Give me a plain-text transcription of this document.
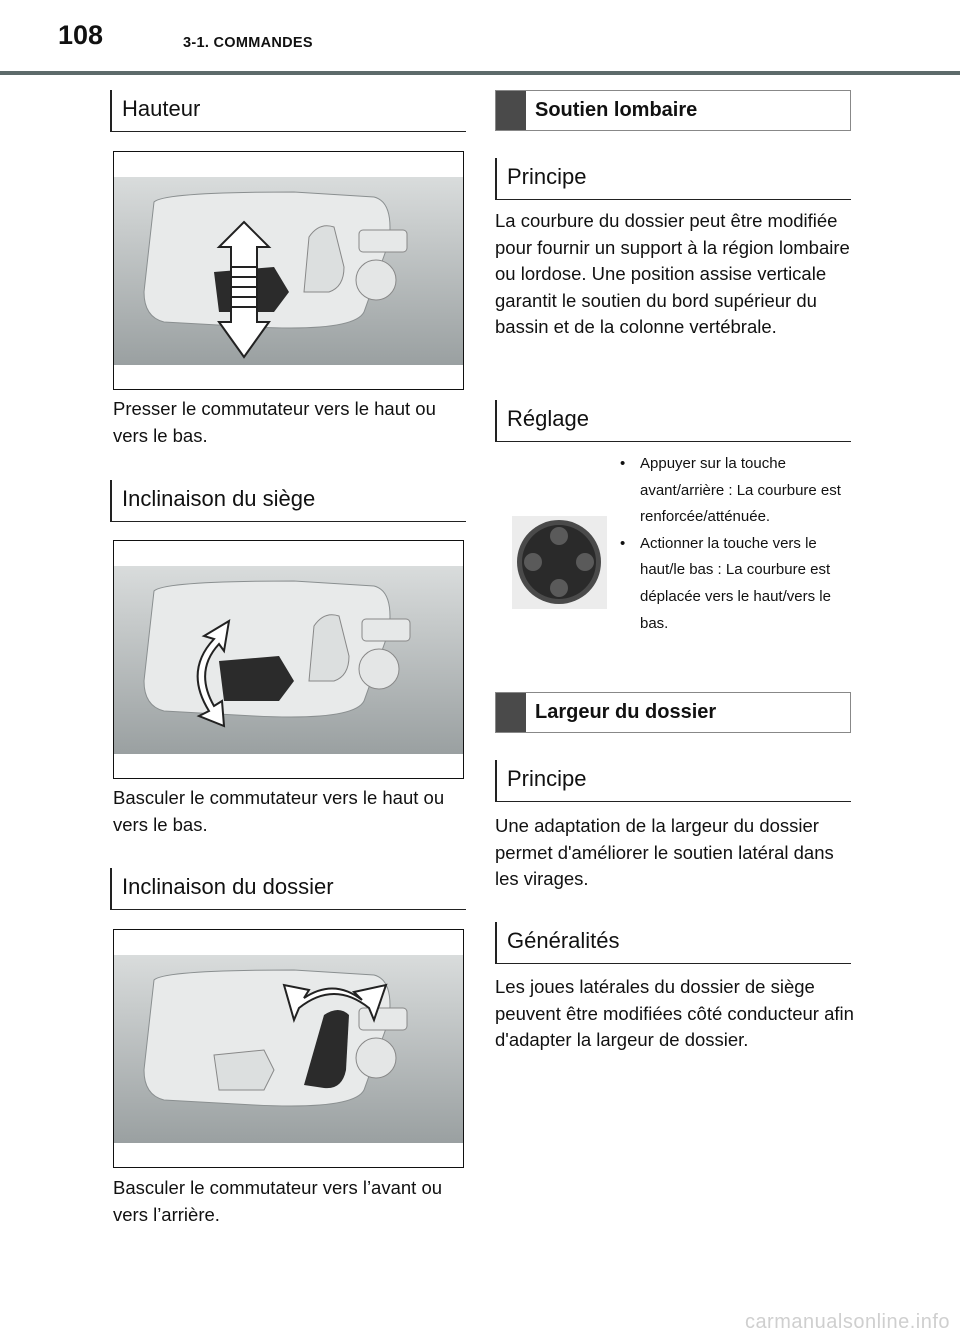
108	3-1. COMMANDES
Hauteur
Presser le commutateur vers le haut ou vers le bas.
Inclinaison du siège
Basculer le commutateur vers le haut ou vers le bas.
Inclinaison du dossier
Basculer le commutateur vers l’avant ou vers l’arrière.
Soutien lombaire
Principe
La courbure du dossier peut être modifiée pour fournir un support à la région lombaire ou lordose. Une position assise verticale garantit le soutien du bord supérieur du bassin et de la colonne vertébrale.
Réglage
• Appuyer sur la touche avant/arrière : La courbure est renforcée/atténuée.
• Actionner la touche vers le haut/le bas : La courbure est déplacée vers le haut/vers le bas.
Largeur du dossier
Principe
Une adaptation de la largeur du dossier permet d'améliorer le soutien latéral dans les virages.
Généralités
Les joues latérales du dossier de siège peuvent être modifiées côté conducteur afin d'adapter la largeur de dossier.
carmanualsonline.info
